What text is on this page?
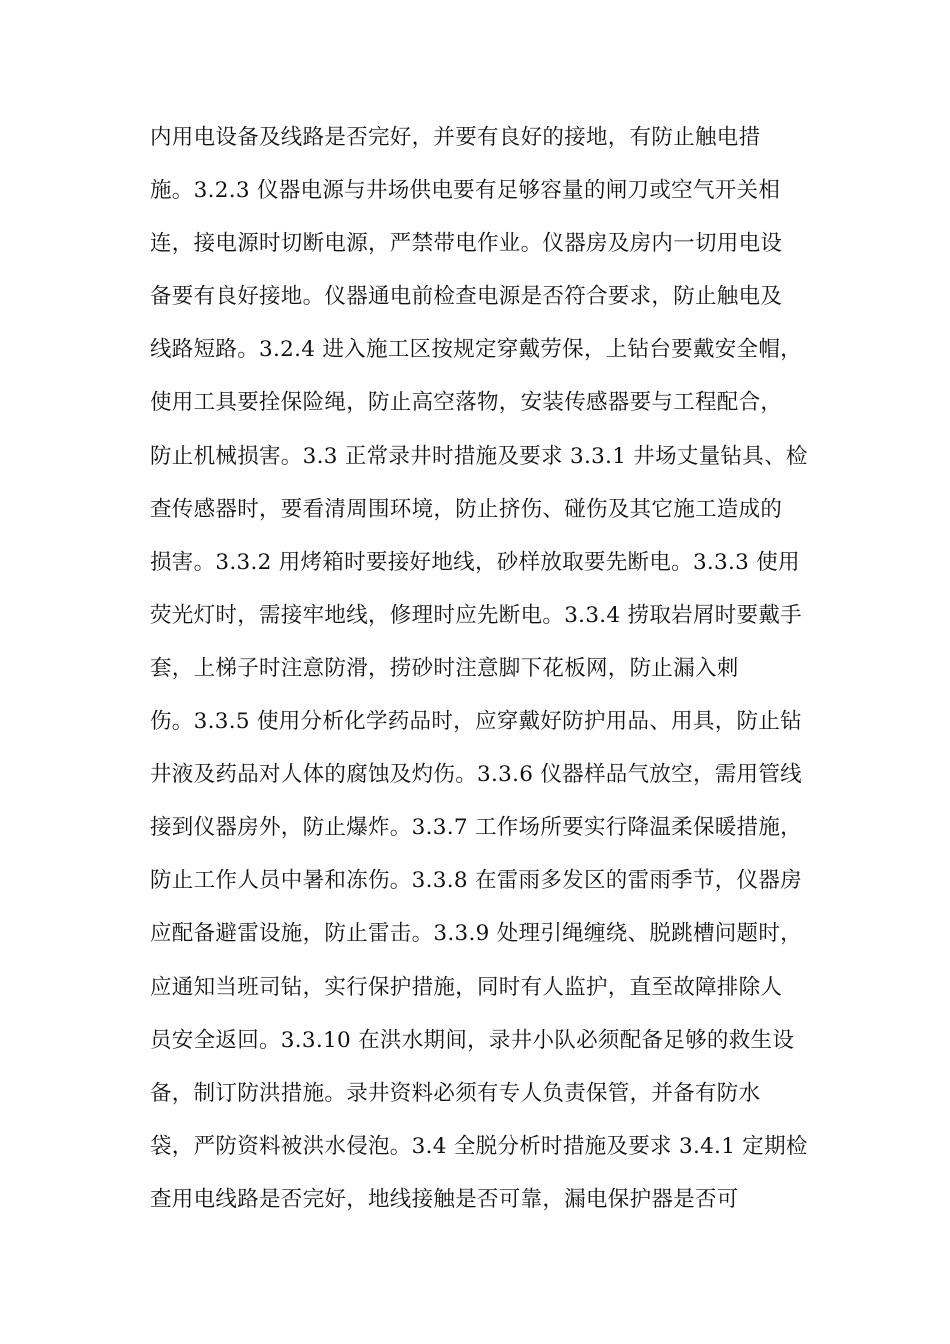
内用电设备及线路是否完好，并要有良好的接地，有防止触电措
施。3.2.3 仪器电源与井场供电要有足够容量的闸刀或空气开关相
连，接电源时切断电源，严禁带电作业。仪器房及房内一切用电设
备要有良好接地。仪器通电前检查电源是否符合要求，防止触电及
线路短路。3.2.4 进入施工区按规定穿戴劳保，上钻台要戴安全帽，
使用工具要拴保险绳，防止高空落物，安装传感器要与工程配合，
防止机械损害。3.3 正常录井时措施及要求 3.3.1 井场丈量钻具、检
查传感器时，要看清周围环境，防止挤伤、碰伤及其它施工造成的
损害。3.3.2 用烤箱时要接好地线，砂样放取要先断电。3.3.3 使用
荧光灯时，需接牢地线，修理时应先断电。3.3.4 捞取岩屑时要戴手
套，上梯子时注意防滑，捞砂时注意脚下花板网，防止漏入刺
伤。3.3.5 使用分析化学药品时，应穿戴好防护用品、用具，防止钻
井液及药品对人体的腐蚀及灼伤。3.3.6 仪器样品气放空，需用管线
接到仪器房外，防止爆炸。3.3.7 工作场所要实行降温柔保暖措施，
防止工作人员中暑和冻伤。3.3.8 在雷雨多发区的雷雨季节，仪器房
应配备避雷设施，防止雷击。3.3.9 处理引绳缠绕、脱跳槽问题时，
应通知当班司钻，实行保护措施，同时有人监护，直至故障排除人
员安全返回。3.3.10 在洪水期间，录井小队必须配备足够的救生设
备，制订防洪措施。录井资料必须有专人负责保管，并备有防水
袋，严防资料被洪水侵泡。3.4 全脱分析时措施及要求 3.4.1 定期检
查用电线路是否完好，地线接触是否可靠，漏电保护器是否可
